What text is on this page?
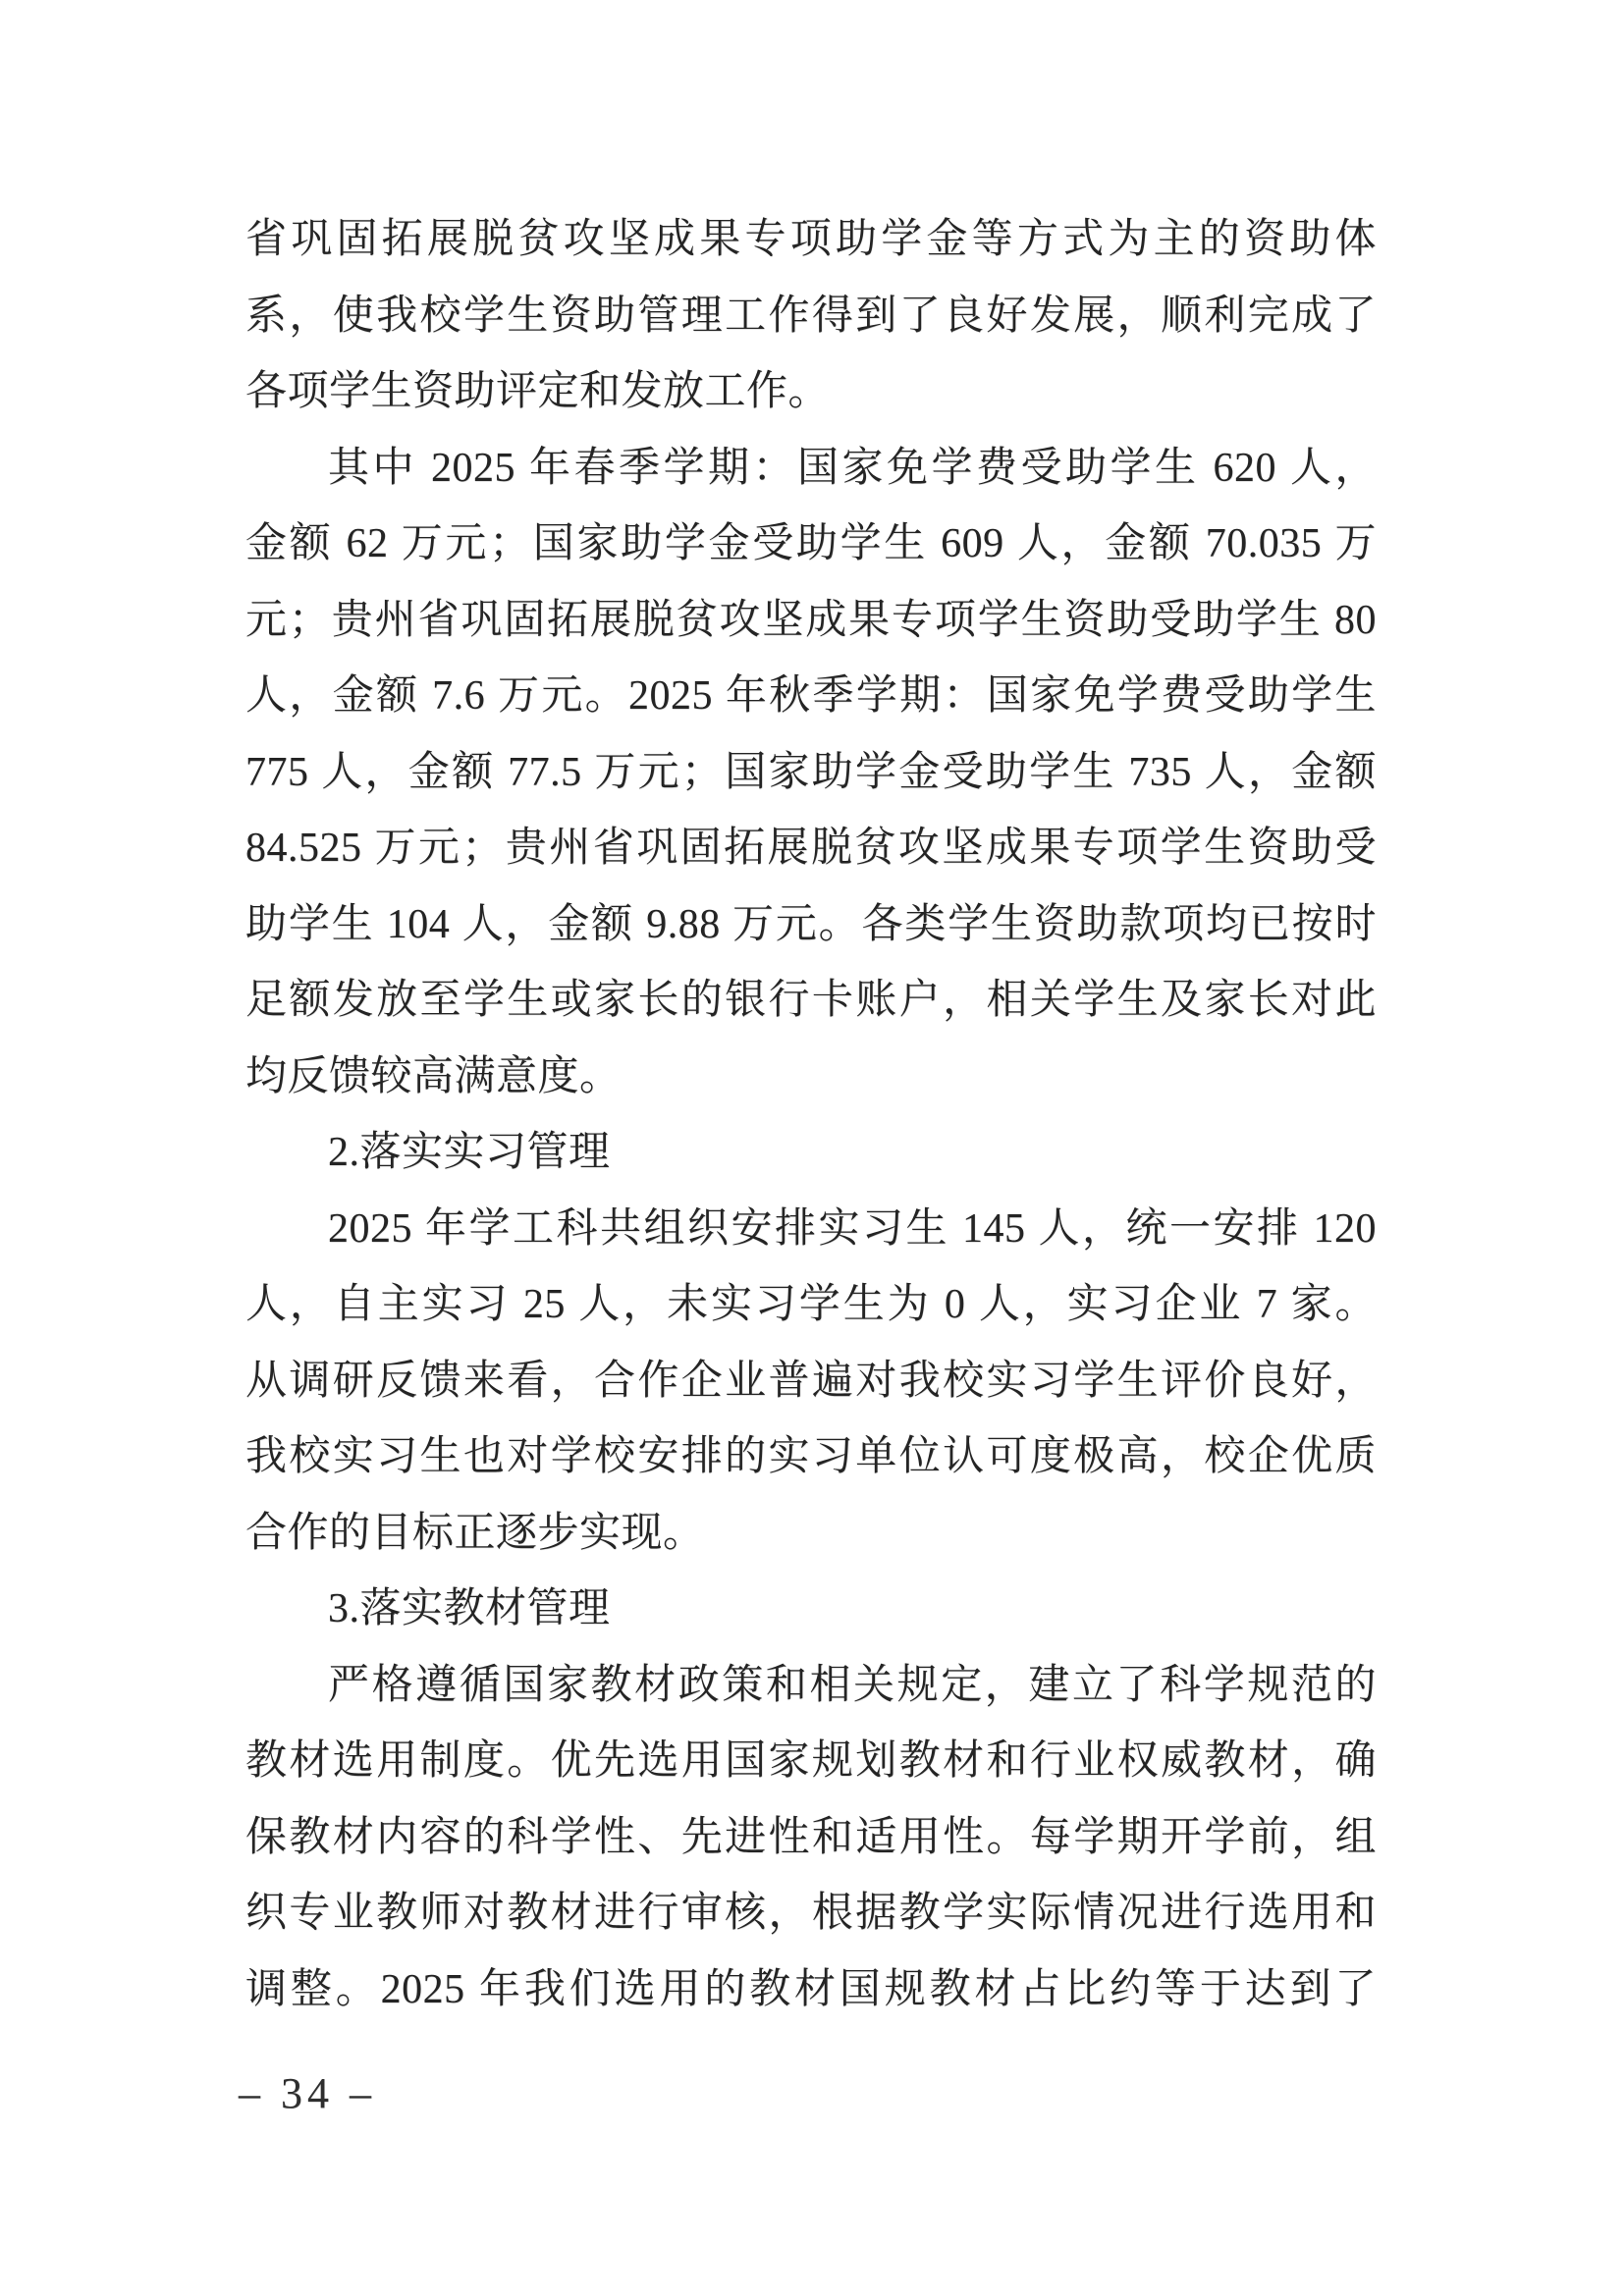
省巩固拓展脱贫攻坚成果专项助学金等方式为主的资助体

系，使我校学生资助管理工作得到了良好发展，顺利完成了

各项学生资助评定和发放工作。

其中 2025 年春季学期：国家免学费受助学生 620 人，

金额 62 万元；国家助学金受助学生 609 人，金额 70.035 万

元；贵州省巩固拓展脱贫攻坚成果专项学生资助受助学生 80

人，金额 7.6 万元。2025 年秋季学期：国家免学费受助学生

775 人，金额 77.5 万元；国家助学金受助学生 735 人，金额

84.525 万元；贵州省巩固拓展脱贫攻坚成果专项学生资助受

助学生 104 人，金额 9.88 万元。各类学生资助款项均已按时

足额发放至学生或家长的银行卡账户，相关学生及家长对此

均反馈较高满意度。

2.落实实习管理

2025 年学工科共组织安排实习生 145 人，统一安排 120

人，自主实习 25 人，未实习学生为 0 人，实习企业 7 家。

从调研反馈来看，合作企业普遍对我校实习学生评价良好，

我校实习生也对学校安排的实习单位认可度极高，校企优质

合作的目标正逐步实现。

3.落实教材管理

严格遵循国家教材政策和相关规定，建立了科学规范的

教材选用制度。优先选用国家规划教材和行业权威教材，确

保教材内容的科学性、先进性和适用性。每学期开学前，组

织专业教师对教材进行审核，根据教学实际情况进行选用和

调整。2025 年我们选用的教材国规教材占比约等于达到了

– 34 –
